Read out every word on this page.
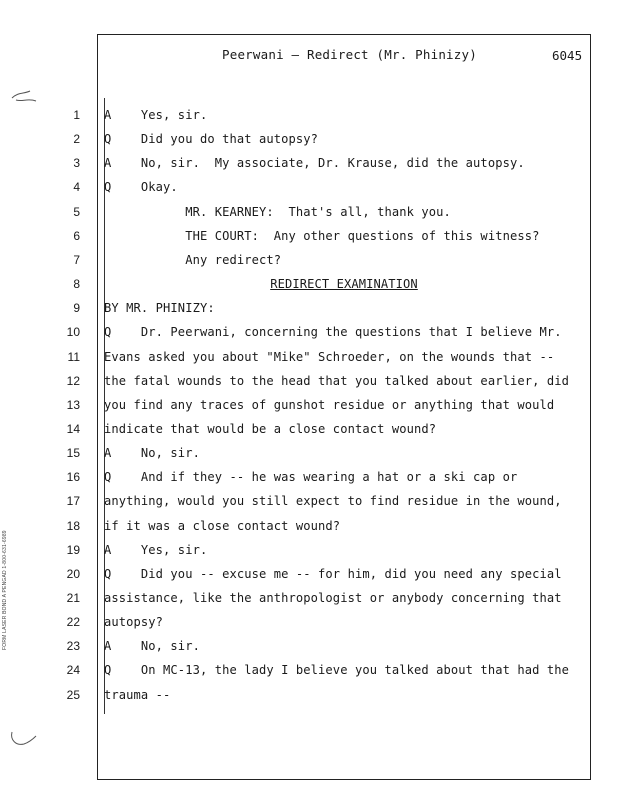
Peerwani – Redirect (Mr. Phinizy)	6045
FORM LASER BOND A PENGAD 1-800-631-6989
1 A    Yes, sir.
2 Q    Did you do that autopsy?
3 A    No, sir.  My associate, Dr. Krause, did the autopsy.
4 Q    Okay.
5 MR. KEARNEY:  That's all, thank you.
6 THE COURT:  Any other questions of this witness?
7 Any redirect?
8	REDIRECT EXAMINATION
9 BY MR. PHINIZY:
10 Q    Dr. Peerwani, concerning the questions that I believe Mr.
11 Evans asked you about "Mike" Schroeder, on the wounds that --
12 the fatal wounds to the head that you talked about earlier, did
13 you find any traces of gunshot residue or anything that would
14 indicate that would be a close contact wound?
15 A    No, sir.
16 Q    And if they -- he was wearing a hat or a ski cap or
17 anything, would you still expect to find residue in the wound,
18 if it was a close contact wound?
19 A    Yes, sir.
20 Q    Did you -- excuse me -- for him, did you need any special
21 assistance, like the anthropologist or anybody concerning that
22 autopsy?
23 A    No, sir.
24 Q    On MC-13, the lady I believe you talked about that had the
25 trauma --
